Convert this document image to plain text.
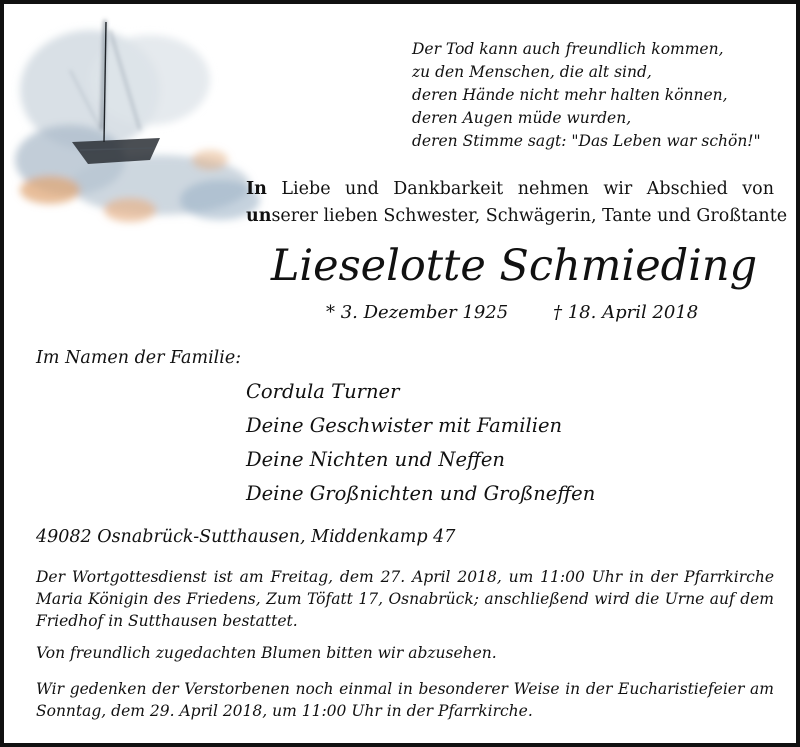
Der Tod kann auch freundlich kommen,
zu den Menschen, die alt sind,
deren Hände nicht mehr halten können,
deren Augen müde wurden,
deren Stimme sagt: "Das Leben war schön!"
In Liebe und Dankbarkeit nehmen wir Abschied von
unserer lieben Schwester, Schwägerin, Tante und Großtante
Lieselotte Schmieding
* 3. Dezember 1925 † 18. April 2018
Im Namen der Familie:
Cordula Turner
Deine Geschwister mit Familien
Deine Nichten und Neffen
Deine Großnichten und Großneffen
49082 Osnabrück-Sutthausen, Middenkamp 47
Der Wortgottesdienst ist am Freitag, dem 27. April 2018, um 11:00 Uhr in der Pfarrkirche Maria Königin des Friedens, Zum Töfatt 17, Osnabrück; anschließend wird die Urne auf dem Friedhof in Sutthausen bestattet.
Von freundlich zugedachten Blumen bitten wir abzusehen.
Wir gedenken der Verstorbenen noch einmal in besonderer Weise in der Eucharistiefeier am Sonntag, dem 29. April 2018, um 11:00 Uhr in der Pfarrkirche.
